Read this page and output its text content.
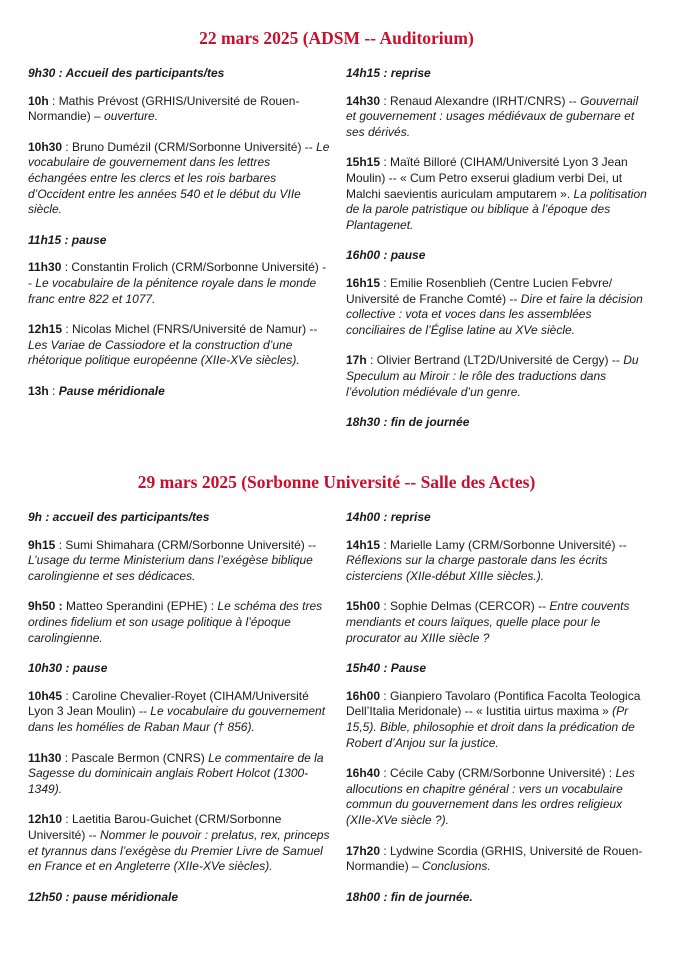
22 mars 2025 (ADSM -- Auditorium)

9h30 : Accueil des participants/tes

10h : Mathis Prévost (GRHIS/Université de Rouen-Normandie) – ouverture.

10h30 : Bruno Dumézil (CRM/Sorbonne Université) -- Le vocabulaire de gouvernement dans les lettres échangées entre les clercs et les rois barbares d’Occident entre les années 540 et le début du VIIe siècle.

11h15 : pause

11h30 : Constantin Frolich (CRM/Sorbonne Université) -- Le vocabulaire de la pénitence royale dans le monde franc entre 822 et 1077.

12h15 : Nicolas Michel (FNRS/Université de Namur) -- Les Variae de Cassiodore et la construction d’une rhétorique politique européenne (XIIe-XVe siècles).

13h : Pause méridionale

14h15 : reprise

14h30 : Renaud Alexandre (IRHT/CNRS) -- Gouvernail et gouvernement : usages médiévaux de gubernare et ses dérivés.

15h15 : Maïté Billoré (CIHAM/Université Lyon 3 Jean Moulin) -- « Cum Petro exserui gladium verbi Dei, ut Malchi saevientis auriculam amputarem ». La politisation de la parole patristique ou biblique à l’époque des Plantagenet.

16h00 : pause

16h15 : Emilie Rosenblieh (Centre Lucien Febvre/ Université de Franche Comté) -- Dire et faire la décision collective : vota et voces dans les assemblées conciliaires de l’Église latine au XVe siècle.

17h : Olivier Bertrand (LT2D/Université de Cergy) -- Du Speculum au Miroir : le rôle des traductions dans l’évolution médiévale d’un genre.

18h30 : fin de journée

29 mars 2025 (Sorbonne Université -- Salle des Actes)

9h : accueil des participants/tes

9h15 : Sumi Shimahara (CRM/Sorbonne Université) -- L’usage du terme Ministerium dans l’exégèse biblique carolingienne et ses dédicaces.

9h50 : Matteo Sperandini (EPHE) : Le schéma des tres ordines fidelium et son usage politique à l’époque carolingienne.

10h30 : pause

10h45 : Caroline Chevalier-Royet (CIHAM/Université Lyon 3 Jean Moulin) -- Le vocabulaire du gouvernement dans les homélies de Raban Maur († 856).

11h30 : Pascale Bermon (CNRS) Le commentaire de la Sagesse du dominicain anglais Robert Holcot (1300-1349).

12h10 : Laetitia Barou-Guichet (CRM/Sorbonne Université) -- Nommer le pouvoir : prelatus, rex, princeps et tyrannus dans l’exégèse du Premier Livre de Samuel en France et en Angleterre (XIIe-XVe siècles).

12h50 : pause méridionale

14h00 : reprise

14h15 : Marielle Lamy (CRM/Sorbonne Université) -- Réflexions sur la charge pastorale dans les écrits cisterciens (XIIe-début XIIIe siècles.).

15h00 : Sophie Delmas (CERCOR) -- Entre couvents mendiants et cours laïques, quelle place pour le procurator au XIIIe siècle ?

15h40 : Pause

16h00 : Gianpiero Tavolaro (Pontifica Facolta Teologica Dell’Italia Meridonale) -- « Iustitia uirtus maxima » (Pr 15,5). Bible, philosophie et droit dans la prédication de Robert d’Anjou sur la justice.

16h40 : Cécile Caby (CRM/Sorbonne Université) : Les allocutions en chapitre général : vers un vocabulaire commun du gouvernement dans les ordres religieux (XIIe-XVe siècle ?).

17h20 : Lydwine Scordia (GRHIS, Université de Rouen-Normandie) – Conclusions.

18h00 : fin de journée.
